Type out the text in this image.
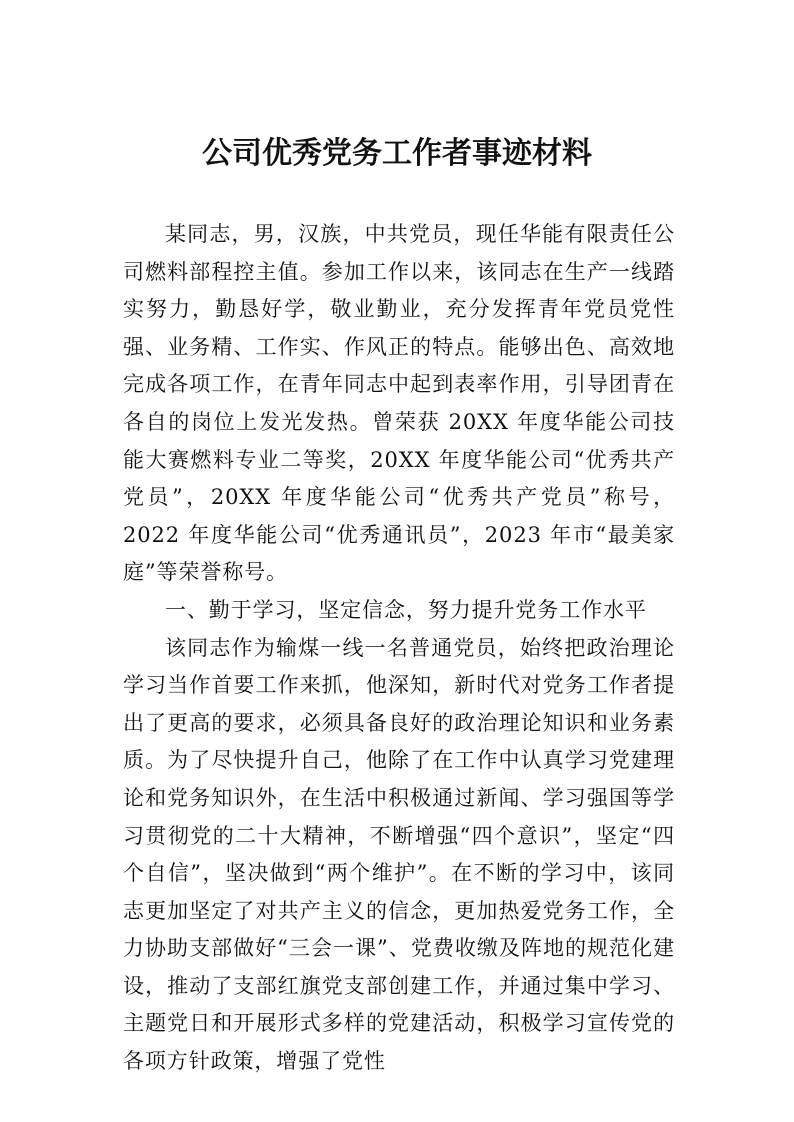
公司优秀党务工作者事迹材料

某同志，男，汉族，中共党员，现任华能有限责任公司燃料部程控主值。参加工作以来，该同志在生产一线踏实努力，勤恳好学，敬业勤业，充分发挥青年党员党性强、业务精、工作实、作风正的特点。能够出色、高效地完成各项工作，在青年同志中起到表率作用，引导团青在各自的岗位上发光发热。曾荣获 20XX 年度华能公司技能大赛燃料专业二等奖，20XX 年度华能公司“优秀共产党员”，20XX 年度华能公司“优秀共产党员”称号，2022 年度华能公司“优秀通讯员”，2023 年市“最美家庭”等荣誉称号。

一、勤于学习，坚定信念，努力提升党务工作水平

该同志作为输煤一线一名普通党员，始终把政治理论学习当作首要工作来抓，他深知，新时代对党务工作者提出了更高的要求，必须具备良好的政治理论知识和业务素质。为了尽快提升自己，他除了在工作中认真学习党建理论和党务知识外，在生活中积极通过新闻、学习强国等学习贯彻党的二十大精神，不断增强“四个意识”，坚定“四个自信”，坚决做到“两个维护”。在不断的学习中，该同志更加坚定了对共产主义的信念，更加热爱党务工作，全力协助支部做好“三会一课”、党费收缴及阵地的规范化建设，推动了支部红旗党支部创建工作，并通过集中学习、主题党日和开展形式多样的党建活动，积极学习宣传党的各项方针政策，增强了党性
